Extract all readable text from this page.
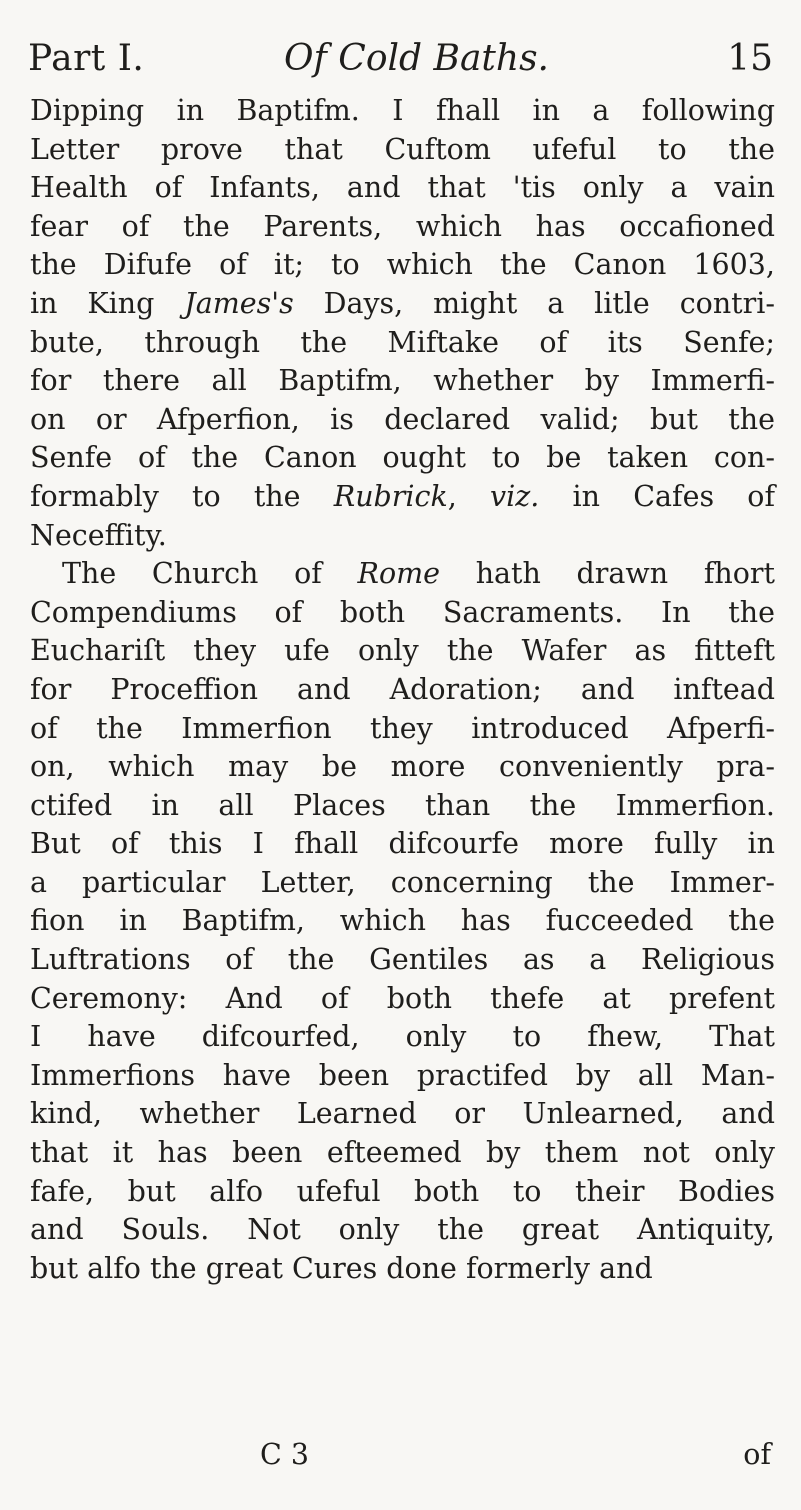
Part I.	Of Cold Baths.	15
Dipping in Baptifm. I fhall in a following
Letter prove that Cuftom ufeful to the
Health of Infants, and that 'tis only a vain
fear of the Parents, which has occafioned
the Difufe of it; to which the Canon 1603,
in King James's Days, might a litle contri-
bute, through the Miftake of its Senfe;
for there all Baptifm, whether by Immerfi-
on or Afperfion, is declared valid; but the
Senfe of the Canon ought to be taken con-
formably to the Rubrick, viz. in Cafes of
Neceffity.
The Church of Rome hath drawn fhort
Compendiums of both Sacraments. In the
Euchariſt they ufe only the Wafer as fitteft
for Proceffion and Adoration; and inftead
of the Immerfion they introduced Afperfi-
on, which may be more conveniently pra-
ctifed in all Places than the Immerfion.
But of this I fhall difcourfe more fully in
a particular Letter, concerning the Immer-
fion in Baptifm, which has fucceeded the
Luftrations of the Gentiles as a Religious
Ceremony: And of both thefe at prefent
I have difcourfed, only to fhew, That
Immerfions have been practifed by all Man-
kind, whether Learned or Unlearned, and
that it has been efteemed by them not only
fafe, but alfo ufeful both to their Bodies
and Souls. Not only the great Antiquity,
but alfo the great Cures done formerly and
C 3	of
